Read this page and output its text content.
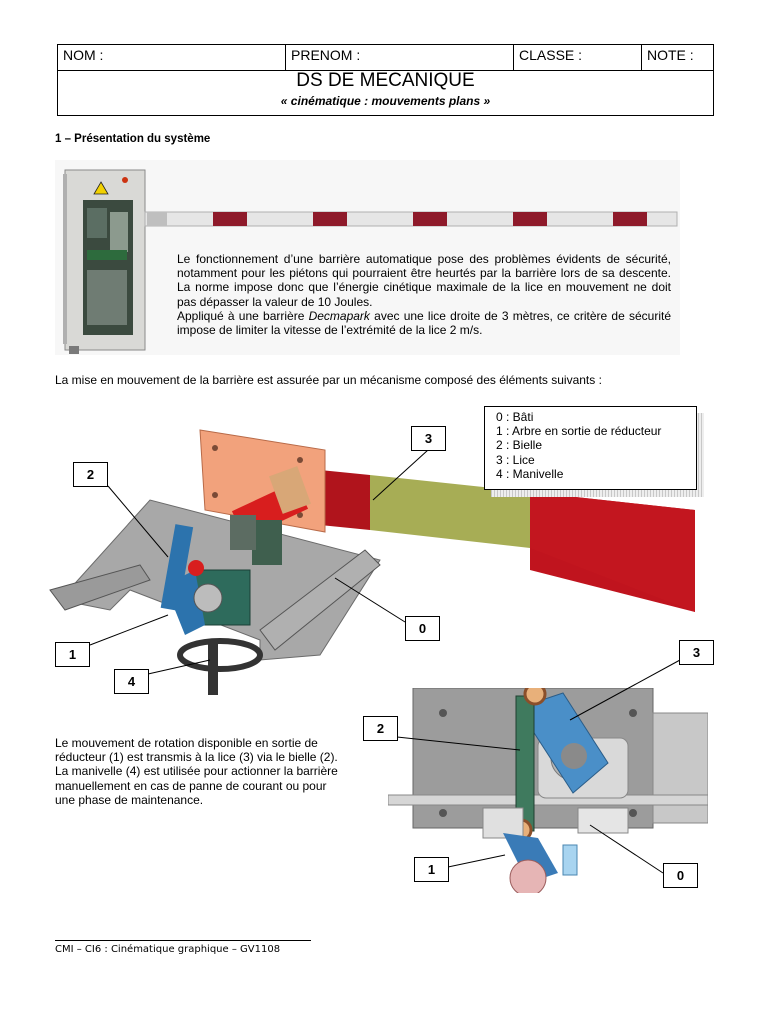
NOM :	PRENOM :	CLASSE :	NOTE :
DS DE MECANIQUE
« cinématique : mouvements plans »
1 – Présentation du système

Le fonctionnement d’une barrière automatique pose des problèmes évidents de sécurité, notamment pour les piétons qui pourraient être heurtés par la barrière lors de sa descente. La norme impose donc que l’énergie cinétique maximale de la lice en mouvement ne doit pas dépasser la valeur de 10 Joules.

Appliqué à une barrière Decmapark avec une lice droite de 3 mètres, ce critère de sécurité impose de limiter la vitesse de l’extrémité de la lice 2 m/s.

La mise en mouvement de la barrière est assurée par un mécanisme composé des éléments suivants :
0 : Bâti
1 : Arbre en sortie de réducteur
2 : Bielle
3 : Lice
4 : Manivelle
3
2
0
1
4

Le mouvement de rotation disponible en sortie de réducteur (1) est transmis à la lice (3) via le bielle (2).

La manivelle (4) est utilisée pour actionner la barrière manuellement en cas de panne de courant ou pour une phase de maintenance.

3
2
1	0
CMI – CI6 : Cinématique graphique – GV1108
